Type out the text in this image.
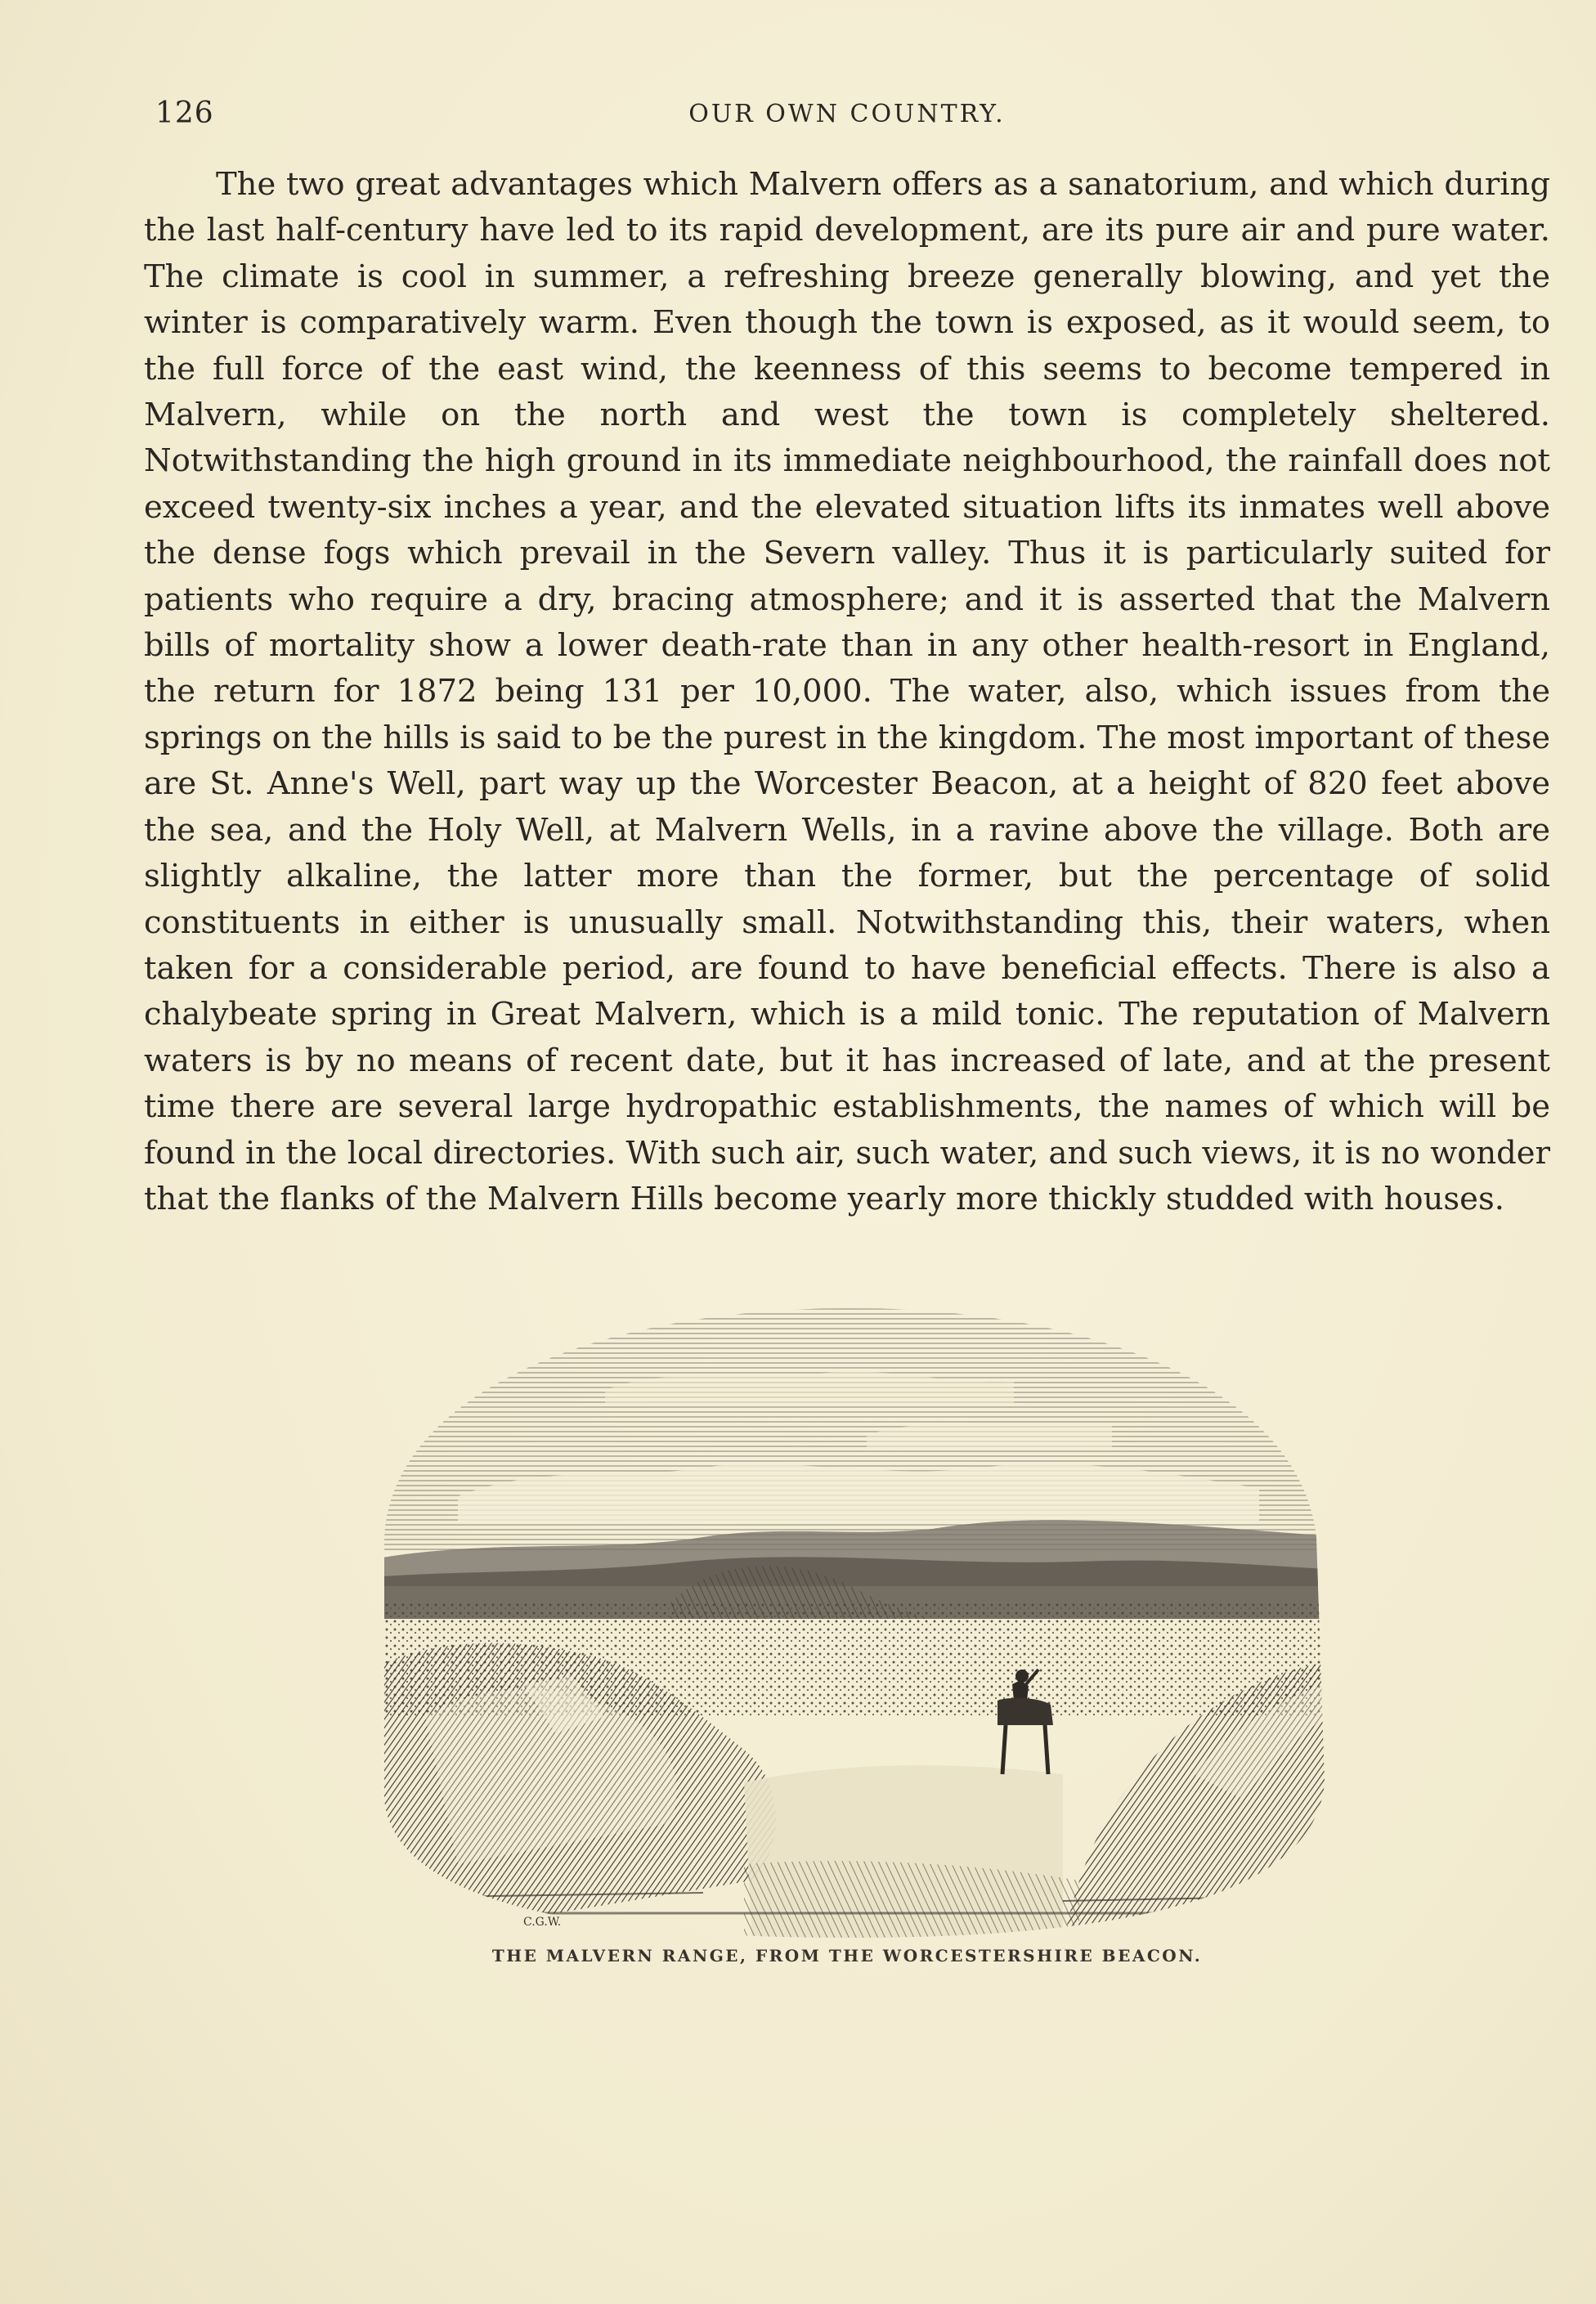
126	OUR OWN COUNTRY.

The two great advantages which Malvern offers as a sanatorium, and which during the last half-century have led to its rapid development, are its pure air and pure water. The climate is cool in summer, a refreshing breeze generally blowing, and yet the winter is comparatively warm. Even though the town is exposed, as it would seem, to the full force of the east wind, the keenness of this seems to become tempered in Malvern, while on the north and west the town is completely sheltered. Notwithstanding the high ground in its immediate neighbourhood, the rainfall does not exceed twenty-six inches a year, and the elevated situation lifts its inmates well above the dense fogs which prevail in the Severn valley. Thus it is particularly suited for patients who require a dry, bracing atmosphere; and it is asserted that the Malvern bills of mortality show a lower death-rate than in any other health-resort in England, the return for 1872 being 131 per 10,000. The water, also, which issues from the springs on the hills is said to be the purest in the kingdom. The most important of these are St. Anne's Well, part way up the Worcester Beacon, at a height of 820 feet above the sea, and the Holy Well, at Malvern Wells, in a ravine above the village. Both are slightly alkaline, the latter more than the former, but the percentage of solid constituents in either is unusually small. Notwithstanding this, their waters, when taken for a considerable period, are found to have beneficial effects. There is also a chalybeate spring in Great Malvern, which is a mild tonic. The reputation of Malvern waters is by no means of recent date, but it has increased of late, and at the present time there are several large hydropathic establishments, the names of which will be found in the local directories. With such air, such water, and such views, it is no wonder that the flanks of the Malvern Hills become yearly more thickly studded with houses.

C.G.W.
THE MALVERN RANGE, FROM THE WORCESTERSHIRE BEACON.
